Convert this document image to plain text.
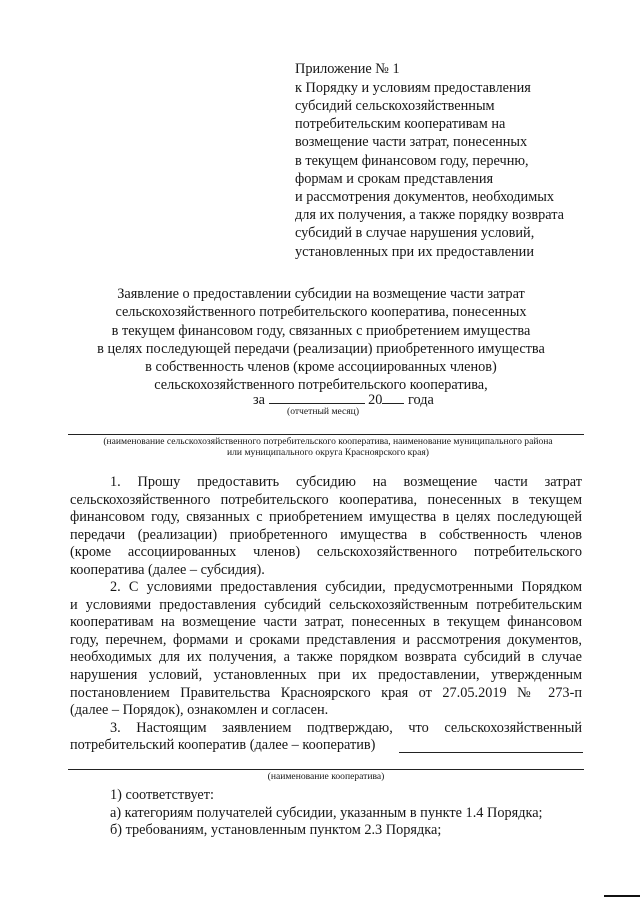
Приложение № 1
к Порядку и условиям предоставления
субсидий сельскохозяйственным
потребительским кооперативам на
возмещение части затрат, понесенных
в текущем финансовом году, перечню,
формам и срокам представления
и рассмотрения документов, необходимых
для их получения, а также порядку возврата
субсидий в случае нарушения условий,
установленных при их предоставлении
Заявление о предоставлении субсидии на возмещение части затрат
сельскохозяйственного потребительского кооператива, понесенных
в текущем финансовом году, связанных с приобретением имущества
в целях последующей передачи (реализации) приобретенного имущества
в собственность членов (кроме ассоциированных членов)
сельскохозяйственного потребительского кооператива,
за	20 года
(отчетный месяц)
(наименование сельскохозяйственного потребительского кооператива, наименование муниципального района
или муниципального округа Красноярского края)
1. Прошу предоставить субсидию на возмещение части затрат
сельскохозяйственного потребительского кооператива, понесенных в текущем
финансовом году, связанных с приобретением имущества в целях последующей
передачи (реализации) приобретенного имущества в собственность членов
(кроме ассоциированных членов) сельскохозяйственного потребительского
кооператива (далее – субсидия).
2. С условиями предоставления субсидии, предусмотренными Порядком
и условиями предоставления субсидий сельскохозяйственным потребительским
кооперативам на возмещение части затрат, понесенных в текущем финансовом
году, перечнем, формами и сроками представления и рассмотрения документов,
необходимых для их получения, а также порядком возврата субсидий в случае
нарушения условий, установленных при их предоставлении, утвержденным
постановлением Правительства Красноярского края от 27.05.2019 № 273-п
(далее – Порядок), ознакомлен и согласен.
3. Настоящим заявлением подтверждаю, что сельскохозяйственный
потребительский кооператив (далее – кооператив)
(наименование кооператива)
1) соответствует:
а) категориям получателей субсидии, указанным в пункте 1.4 Порядка;
б) требованиям, установленным пунктом 2.3 Порядка;
